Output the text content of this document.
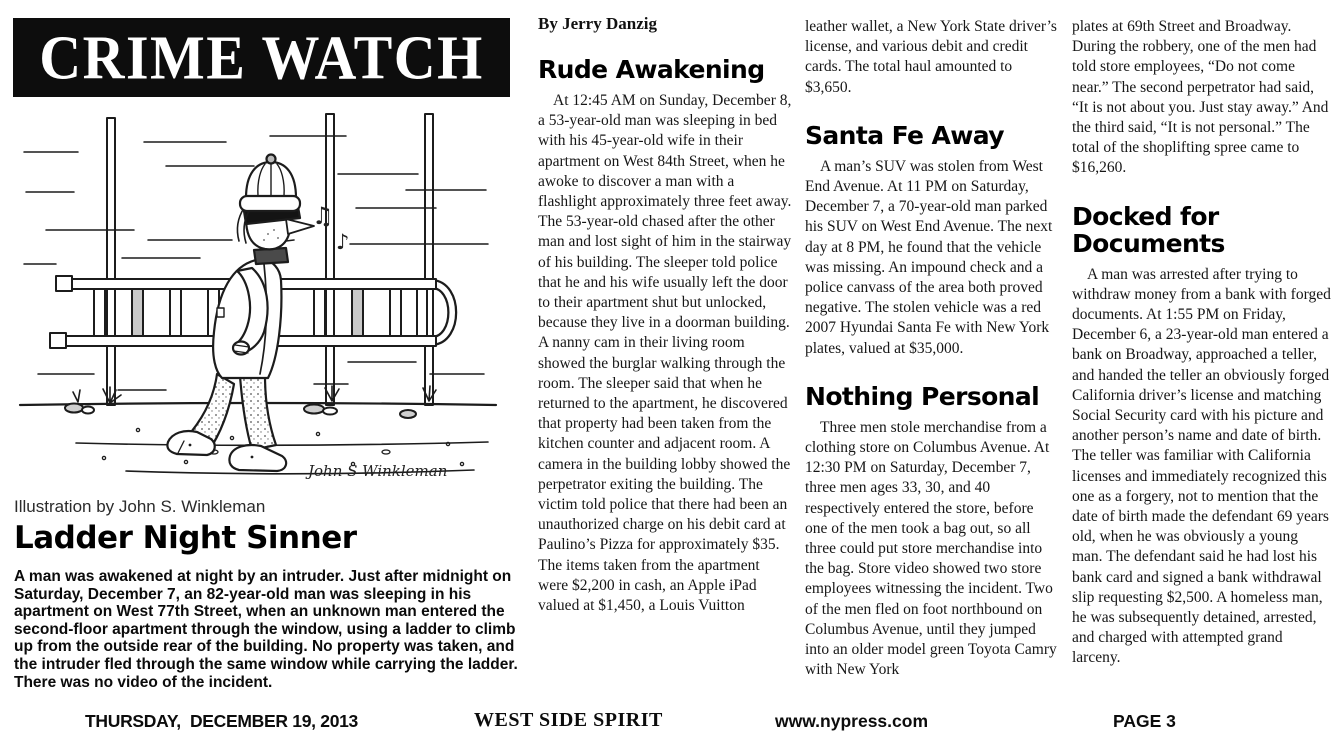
CRIME WATCH
♫
♪
John S Winkleman
Illustration by John S. Winkleman
Ladder Night Sinner

A man was awakened at night by an intruder. Just after midnight on Saturday, December 7, an 82-year-old man was sleeping in his apartment on West 77th Street, when an unknown man entered the second-floor apartment through the window, using a ladder to climb up from the outside rear of the building. No property was taken, and the intruder fled through the same window while carrying the ladder. There was no video of the incident.

By Jerry Danzig

Rude Awakening

At 12:45 AM on Sunday, December 8, a 53-year-old man was sleeping in bed with his 45-year-old wife in their apartment on West 84th Street, when he awoke to discover a man with a flashlight approximately three feet away. The 53-year-old chased after the other man and lost sight of him in the stairway of his building. The sleeper told police that he and his wife usually left the door to their apartment shut but unlocked, because they live in a doorman building. A nanny cam in their living room showed the burglar walking through the room. The sleeper said that when he returned to the apartment, he discovered that property had been taken from the kitchen counter and adjacent room. A camera in the building lobby showed the perpetrator exiting the building. The victim told police that there had been an unauthorized charge on his debit card at Paulino’s Pizza for approximately $35. The items taken from the apartment were $2,200 in cash, an Apple iPad valued at $1,450, a Louis Vuitton

leather wallet, a New York State driver’s license, and various debit and credit cards. The total haul amounted to $3,650.

Santa Fe Away

A man’s SUV was stolen from West End Avenue. At 11 PM on Saturday, December 7, a 70-year-old man parked his SUV on West End Avenue. The next day at 8 PM, he found that the vehicle was missing. An impound check and a police canvass of the area both proved negative. The stolen vehicle was a red 2007 Hyundai Santa Fe with New York plates, valued at $35,000.

Nothing Personal

Three men stole merchandise from a clothing store on Columbus Avenue. At 12:30 PM on Saturday, December 7, three men ages 33, 30, and 40 respectively entered the store, before one of the men took a bag out, so all three could put store merchandise into the bag. Store video showed two store employees witnessing the incident. Two of the men fled on foot northbound on Columbus Avenue, until they jumped into an older model green Toyota Camry with New York

plates at 69th Street and Broadway. During the robbery, one of the men had told store employees, “Do not come near.” The second perpetrator had said, “It is not about you. Just stay away.” And the third said, “It is not personal.” The total of the shoplifting spree came to $16,260.

Docked for Documents

A man was arrested after trying to withdraw money from a bank with forged documents. At 1:55 PM on Friday, December 6, a 23-year-old man entered a bank on Broadway, approached a teller, and handed the teller an obviously forged California driver’s license and matching Social Security card with his picture and another person’s name and date of birth. The teller was familiar with California licenses and immediately recognized this one as a forgery, not to mention that the date of birth made the defendant 69 years old, when he was obviously a young man. The defendant said he had lost his bank card and signed a bank withdrawal slip requesting $2,500. A homeless man, he was subsequently detained, arrested, and charged with attempted grand larceny.

THURSDAY,  DECEMBER 19, 2013	WEST SIDE SPIRIT	www.nypress.com	PAGE 3
